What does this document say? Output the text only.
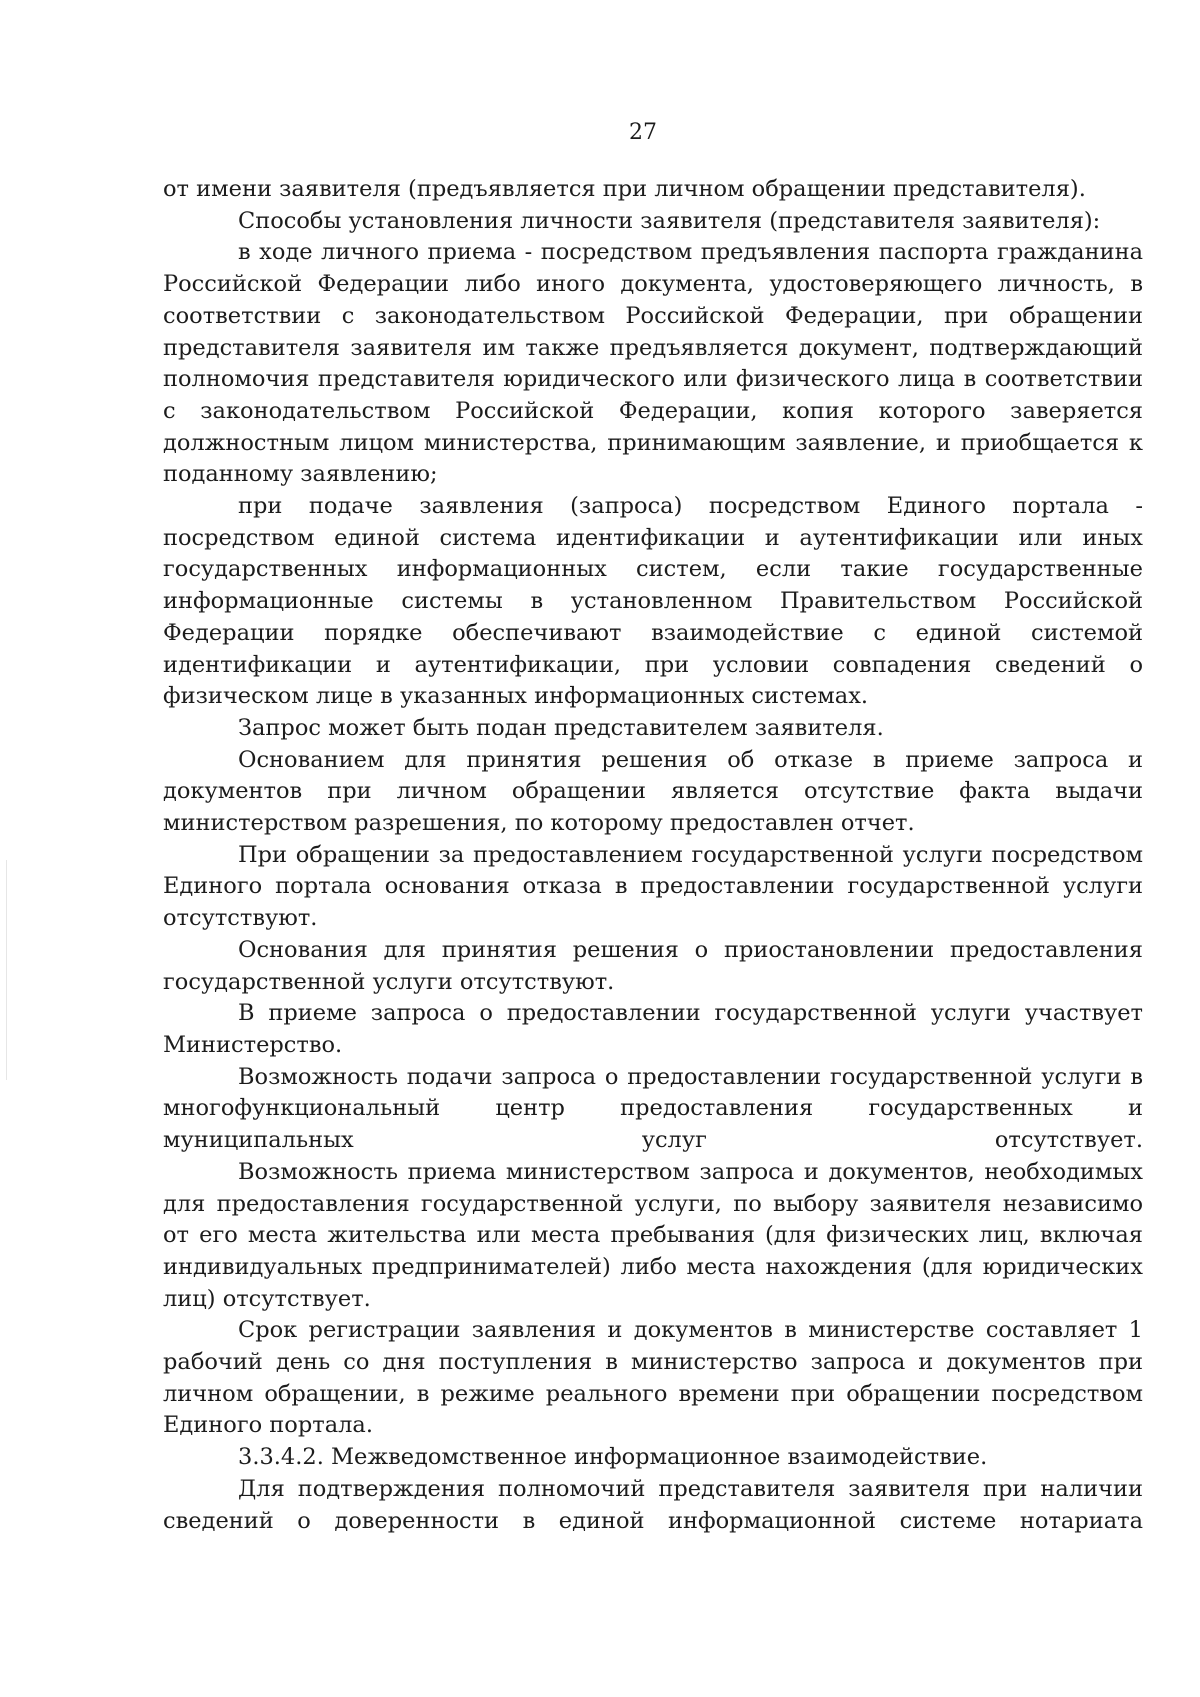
27

от имени заявителя (предъявляется при личном обращении представителя).

Способы установления личности заявителя (представителя заявителя):

в ходе личного приема - посредством предъявления паспорта гражданина Российской Федерации либо иного документа, удостоверяющего личность, в соответствии с законодательством Российской Федерации, при обращении представителя заявителя им также предъявляется документ, подтверждающий полномочия представителя юридического или физического лица в соответствии с законодательством Российской Федерации, копия которого заверяется должностным лицом министерства, принимающим заявление, и приобщается к поданному заявлению;

при подаче заявления (запроса) посредством Единого портала - посредством единой система идентификации и аутентификации или иных государственных информационных систем, если такие государственные информационные системы в установленном Правительством Российской Федерации порядке обеспечивают взаимодействие с единой системой идентификации и аутентификации, при условии совпадения сведений о физическом лице в указанных информационных системах.

Запрос может быть подан представителем заявителя.

Основанием для принятия решения об отказе в приеме запроса и документов при личном обращении является отсутствие факта выдачи министерством разрешения, по которому предоставлен отчет.

При обращении за предоставлением государственной услуги посредством Единого портала основания отказа в предоставлении государственной услуги отсутствуют.

Основания для принятия решения о приостановлении предоставления государственной услуги отсутствуют.

В приеме запроса о предоставлении государственной услуги участвует Министерство.

Возможность подачи запроса о предоставлении государственной услуги в многофункциональный центр предоставления государственных и муниципальных услуг отсутствует.

Возможность приема министерством запроса и документов, необходимых для предоставления государственной услуги, по выбору заявителя независимо от его места жительства или места пребывания (для физических лиц, включая индивидуальных предпринимателей) либо места нахождения (для юридических лиц) отсутствует.

Срок регистрации заявления и документов в министерстве составляет 1 рабочий день со дня поступления в министерство запроса и документов при личном обращении, в режиме реального времени при обращении посредством Единого портала.

3.3.4.2. Межведомственное информационное взаимодействие.

Для подтверждения полномочий представителя заявителя при наличии сведений о доверенности в единой информационной системе нотариата
